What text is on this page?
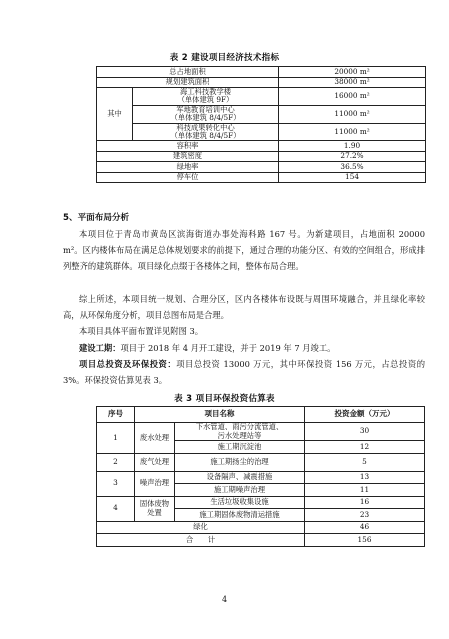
表 2 建设项目经济技术指标
总占地面积		20000 m²
规划建筑面积		38000 m²
其中	海工科技教学楼
（单体建筑 9F）	16000 m²
	军地教育培训中心
（单体建筑 8/4/5F）	11000 m²
	科技成果转化中心
（单体建筑 8/4/5F）	11000 m²
容积率		1.90
建筑密度		27.2%
绿地率		36.5%
停车位		154
5、平面布局分析

本项目位于青岛市黄岛区滨海街道办事处海科路 167 号。为新建项目，占地面积 20000 m²。区内楼体布局在满足总体规划要求的前提下，通过合理的功能分区、有效的空间组合，形成排列整齐的建筑群体。项目绿化点缀于各楼体之间，整体布局合理。

综上所述，本项目统一规划、合理分区，区内各楼体布设既与周围环境融合，并且绿化率较高，从环保角度分析，项目总图布局是合理。

本项目具体平面布置详见附图 3。

建设工期：项目于 2018 年 4 月开工建设，并于 2019 年 7 月竣工。

项目总投资及环保投资：项目总投资 13000 万元，其中环保投资 156 万元，占总投资的 3%。环保投资估算见表 3。

表 3 项目环保投资估算表
序号	项目名称		投资金额（万元）
1	废水处理	下水管道、雨污分流管道、
污水处理站等	30
		施工期沉淀池	12
2	废气处理	施工期扬尘的治理	5
3	噪声治理	设备隔声、减震措施	13
		施工期噪声治理	11
4	固体废物
处置	生活垃圾收集设施	16
		施工期固体废物清运措施	23
绿化			46
合　　计			156
4
